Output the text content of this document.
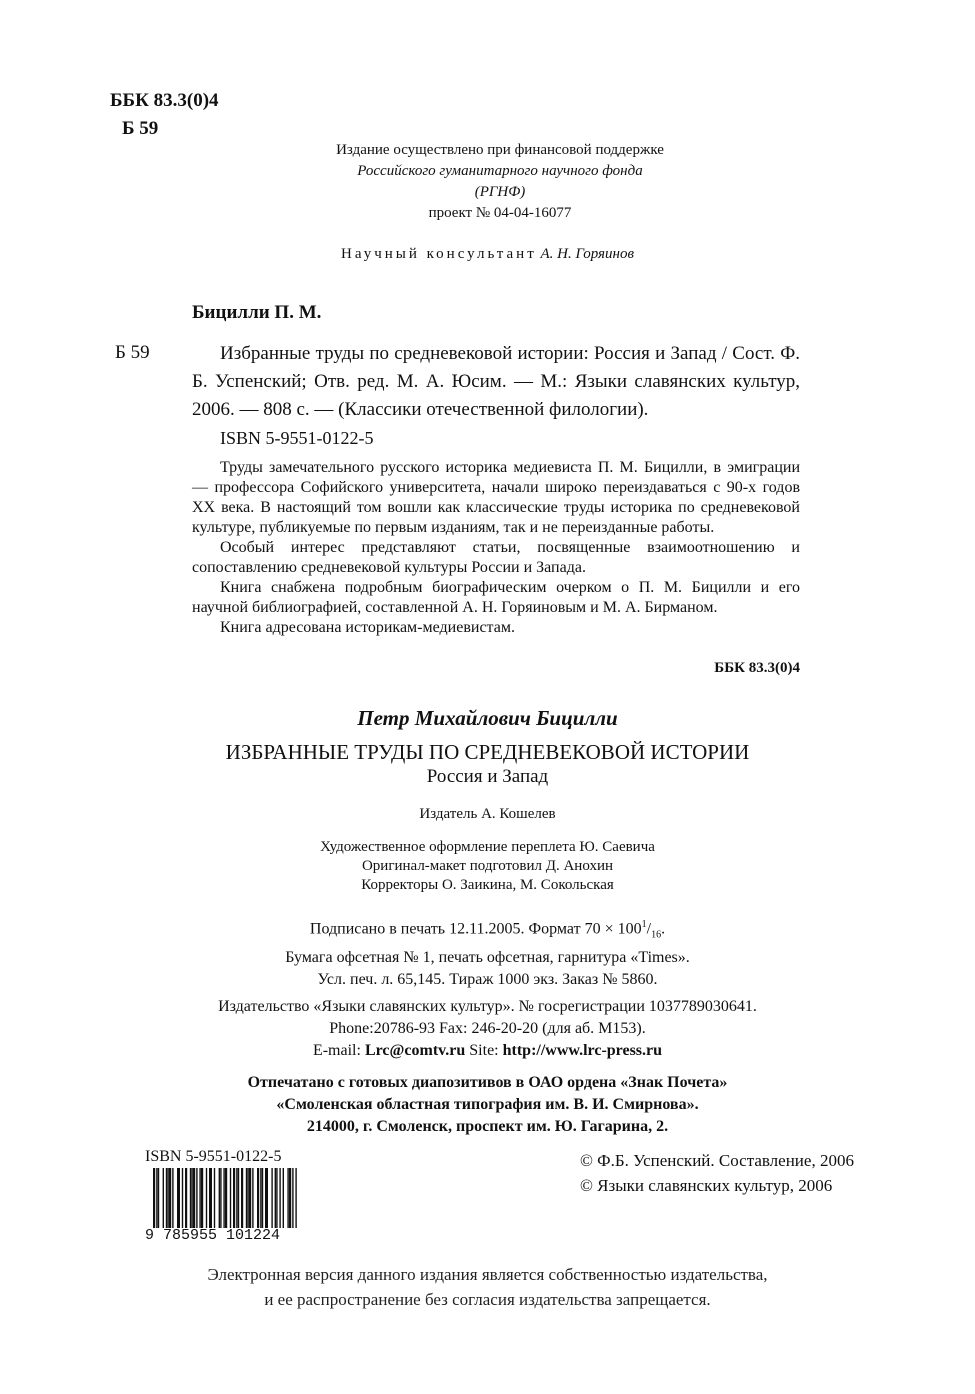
ББК 83.3(0)4
Б 59
Издание осуществлено при финансовой поддержке
Российского гуманитарного научного фонда
(РГНФ)
проект № 04-04-16077
Научный консультант А. Н. Горяинов
Бицилли П. М.
Б 59	Избранные труды по средневековой истории: Россия и Запад / Сост. Ф. Б. Успенский; Отв. ред. М. А. Юсим. — М.: Языки славянских культур, 2006. — 808 с. — (Классики отечественной филологии).
ISBN 5-9551-0122-5

Труды замечательного русского историка медиевиста П. М. Бицилли, в эмиграции — профессора Софийского университета, начали широко переиздаваться с 90-х годов XX века. В настоящий том вошли как классические труды историка по средневековой культуре, публикуемые по первым изданиям, так и не переизданные работы.

Особый интерес представляют статьи, посвященные взаимоотношению и сопоставлению средневековой культуры России и Запада.

Книга снабжена подробным биографическим очерком о П. М. Бицилли и его научной библиографией, составленной А. Н. Горяиновым и М. А. Бирманом.

Книга адресована историкам-медиевистам.

ББК 83.3(0)4
Петр Михайлович Бицилли
ИЗБРАННЫЕ ТРУДЫ ПО СРЕДНЕВЕКОВОЙ ИСТОРИИ
Россия и Запад
Издатель А. Кошелев
Художественное оформление переплета Ю. Саевича
Оригинал-макет подготовил Д. Анохин
Корректоры О. Заикина, М. Сокольская
Подписано в печать 12.11.2005. Формат $70 \times 100^1/_{16}$.
Бумага офсетная № 1, печать офсетная, гарнитура «Times».
Усл. печ. л. 65,145. Тираж 1000 экз. Заказ № 5860.
Издательство «Языки славянских культур». № госрегистрации 1037789030641.
Phone:20786-93 Fax: 246-20-20 (для аб. М153).
E-mail: Lrc@comtv.ru Site: http://www.lrc-press.ru
Отпечатано с готовых диапозитивов в ОАО ордена «Знак Почета»
«Смоленская областная типография им. В. И. Смирнова».
214000, г. Смоленск, проспект им. Ю. Гагарина, 2.
ISBN 5-9551-0122-5
9 785955 101224
© Ф.Б. Успенский. Составление, 2006
© Языки славянских культур, 2006
Электронная версия данного издания является собственностью издательства,
и ее распространение без согласия издательства запрещается.
